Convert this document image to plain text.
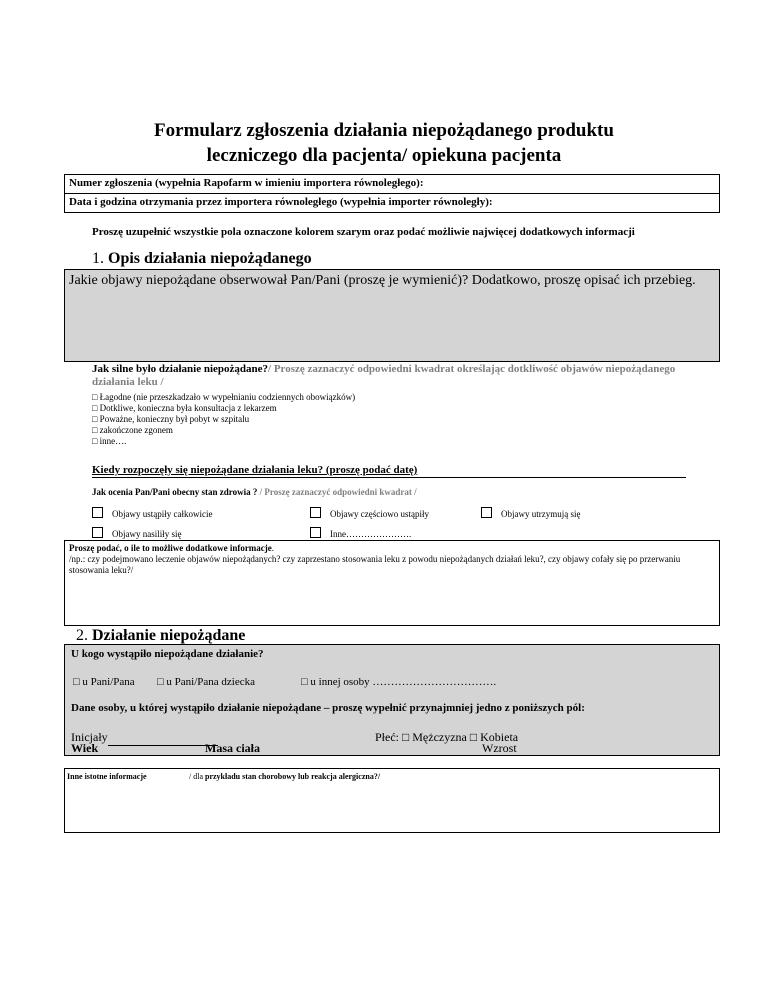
Formularz zgłoszenia działania niepożądanego produktu
leczniczego dla pacjenta/ opiekuna pacjenta
Numer zgłoszenia (wypełnia Rapofarm w imieniu importera równoległego):
Data i godzina otrzymania przez importera równoległego (wypełnia importer równoległy):
Proszę uzupełnić wszystkie pola oznaczone kolorem szarym oraz podać możliwie najwięcej dodatkowych informacji
1. Opis działania niepożądanego
Jakie objawy niepożądane obserwował Pan/Pani (proszę je wymienić)? Dodatkowo, proszę opisać ich przebieg.
Jak silne było działanie niepożądane?/ Proszę zaznaczyć odpowiedni kwadrat określając dotkliwość objawów niepożądanego działania leku /
□ Łagodne (nie przeszkadzało w wypełnianiu codziennych obowiązków)
□ Dotkliwe, konieczna była konsultacja z lekarzem
□ Poważne, konieczny był pobyt w szpitalu
□ zakończone zgonem
□ inne….
Kiedy rozpoczęły się niepożądane działania leku? (proszę podać datę)
Jak ocenia Pan/Pani obecny stan zdrowia ? / Proszę zaznaczyć odpowiedni kwadrat /
Objawy ustąpiły całkowicie	Objawy częściowo ustąpiły	Objawy utrzymują się
Objawy nasiliły się	Inne………………….
Proszę podać, o ile to możliwe dodatkowe informacje.
/np.: czy podejmowano leczenie objawów niepożądanych? czy zaprzestano stosowania leku z powodu niepożądanych działań leku?, czy objawy cofały się po przerwaniu stosowania leku?/
2. Działanie niepożądane
U kogo wystąpiło niepożądane działanie?
□ u Pani/Pana □ u Pani/Pana dziecka	□ u innej osoby …………………………….
Dane osoby, u której wystąpiło działanie niepożądane – proszę wypełnić przynajmniej jedno z poniższych pól:
Inicjały	Płeć: □ Mężczyzna □ Kobieta
Wiek	Masa ciała	Wzrost
Inne istotne informacje	/ dla przykładu stan chorobowy lub reakcja alergiczna?/
